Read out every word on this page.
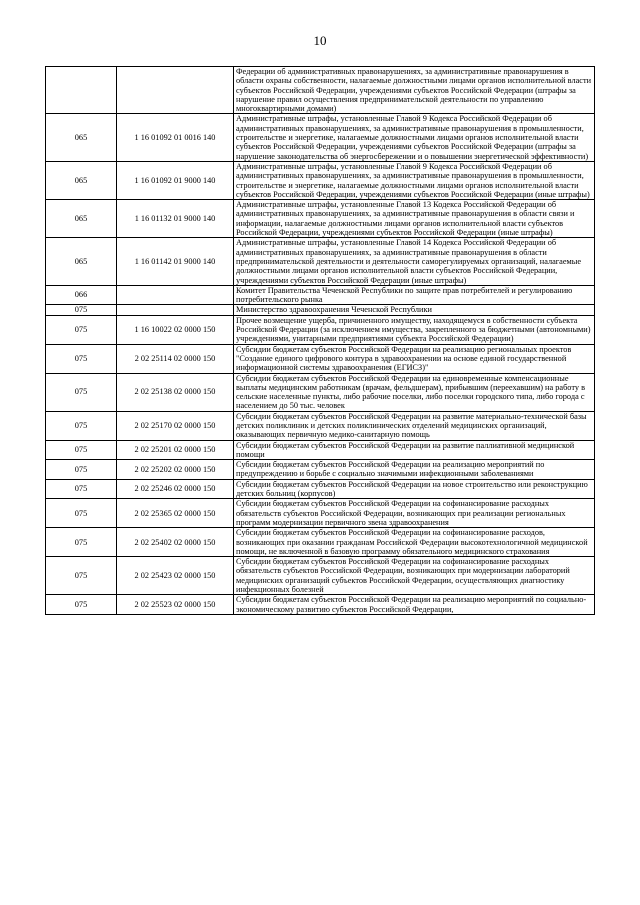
10
		Федерации об административных правонарушениях, за административные правонарушения в области охраны собственности, налагаемые должностными лицами органов исполнительной власти субъектов Российской Федерации, учреждениями субъектов Российской Федерации (штрафы за нарушение правил осуществления предпринимательской деятельности по управлению многоквартирными домами)
065	1 16 01092 01 0016 140	Административные штрафы, установленные Главой 9 Кодекса Российской Федерации об административных правонарушениях, за административные правонарушения в промышленности, строительстве и энергетике, налагаемые должностными лицами органов исполнительной власти субъектов Российской Федерации, учреждениями субъектов Российской Федерации (штрафы за нарушение законодательства об энергосбережении и о повышении энергетической эффективности)
065	1 16 01092 01 9000 140	Административные штрафы, установленные Главой 9 Кодекса Российской Федерации об административных правонарушениях, за административные правонарушения в промышленности, строительстве и энергетике, налагаемые должностными лицами органов исполнительной власти субъектов Российской Федерации, учреждениями субъектов Российской Федерации (иные штрафы)
065	1 16 01132 01 9000 140	Административные штрафы, установленные Главой 13 Кодекса Российской Федерации об административных правонарушениях, за административные правонарушения в области связи и информации, налагаемые должностными лицами органов исполнительной власти субъектов Российской Федерации, учреждениями субъектов Российской Федерации (иные штрафы)
065	1 16 01142 01 9000 140	Административные штрафы, установленные Главой 14 Кодекса Российской Федерации об административных правонарушениях, за административные правонарушения в области предпринимательской деятельности и деятельности саморегулируемых организаций, налагаемые должностными лицами органов исполнительной власти субъектов Российской Федерации, учреждениями субъектов Российской Федерации (иные штрафы)
066		Комитет Правительства Чеченской Республики по защите прав потребителей и регулированию потребительского рынка
075		Министерство здравоохранения Чеченской Республики
075	1 16 10022 02 0000 150	Прочее возмещение ущерба, причиненного имуществу, находящемуся в собственности субъекта Российской Федерации (за исключением имущества, закрепленного за бюджетными (автономными) учреждениями, унитарными предприятиями субъекта Российской Федерации)
075	2 02 25114 02 0000 150	Субсидии бюджетам субъектов Российской Федерации на реализацию региональных проектов "Создание единого цифрового контура в здравоохранении на основе единой государственной информационной системы здравоохранения (ЕГИСЗ)"
075	2 02 25138 02 0000 150	Субсидии бюджетам субъектов Российской Федерации на единовременные компенсационные выплаты медицинским работникам (врачам, фельдшерам), прибывшим (переехавшим) на работу в сельские населенные пункты, либо рабочие поселки, либо поселки городского типа, либо города с населением до 50 тыс. человек
075	2 02 25170 02 0000 150	Субсидии бюджетам субъектов Российской Федерации на развитие материально-технической базы детских поликлиник и детских поликлинических отделений медицинских организаций, оказывающих первичную медико-санитарную помощь
075	2 02 25201 02 0000 150	Субсидии бюджетам субъектов Российской Федерации на развитие паллиативной медицинской помощи
075	2 02 25202 02 0000 150	Субсидии бюджетам субъектов Российской Федерации на реализацию мероприятий по предупреждению и борьбе с социально значимыми инфекционными заболеваниями
075	2 02 25246 02 0000 150	Субсидии бюджетам субъектов Российской Федерации на новое строительство или реконструкцию детских больниц (корпусов)
075	2 02 25365 02 0000 150	Субсидии бюджетам субъектов Российской Федерации на софинансирование расходных обязательств субъектов Российской Федерации, возникающих при реализации региональных программ модернизации первичного звена здравоохранения
075	2 02 25402 02 0000 150	Субсидии бюджетам субъектов Российской Федерации на софинансирование расходов, возникающих при оказании гражданам Российской Федерации высокотехнологичной медицинской помощи, не включенной в базовую программу обязательного медицинского страхования
075	2 02 25423 02 0000 150	Субсидии бюджетам субъектов Российской Федерации на софинансирование расходных обязательств субъектов Российской Федерации, возникающих при модернизации лабораторий медицинских организаций субъектов Российской Федерации, осуществляющих диагностику инфекционных болезней
075	2 02 25523 02 0000 150	Субсидии бюджетам субъектов Российской Федерации на реализацию мероприятий по социально-экономическому развитию субъектов Российской Федерации,
